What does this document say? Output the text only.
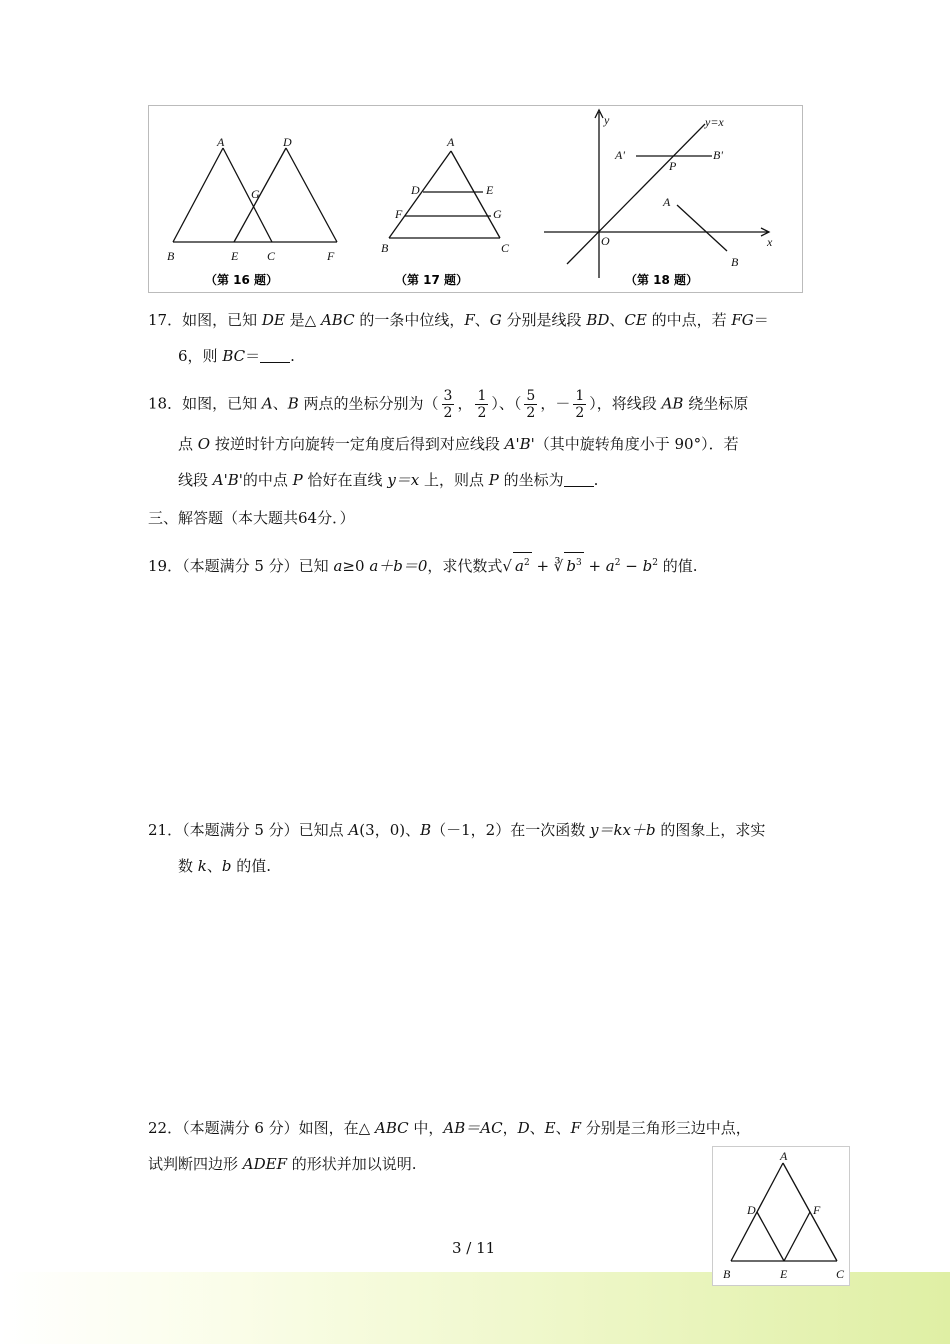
A	D
G
B	E C	F
（第 16 题）
A
D	E
F	G
B	C
（第 17 题）
y	y=x
A'	B'
P
A
O	x
B
（第 18 题）
17．如图，已知 DE 是△ ABC 的一条中位线，F、G 分别是线段 BD、CE 的中点，若 FG＝
6，则 BC＝ .
18．如图，已知 A、B 两点的坐标分别为（ $\frac{3}{2}$ ， $\frac{1}{2}$ ）、（ $\frac{5}{2}$ ，－ $\frac{1}{2}$ ），将线段 AB 绕坐标原
点 O 按逆时针方向旋转一定角度后得到对应线段 A'B'（其中旋转角度小于 90°）．若
线段 A'B'的中点 P 恰好在直线 y＝x 上，则点 P 的坐标为 .
三、解答题（本大题共64分．）
19．（本题满分 5 分）已知 a≥0 a＋b＝0，求代数式√ $a^2$ + ∛ $b^3 + a^2 - b^2$ 的值.
21．（本题满分 5 分）已知点 A(3，0)、B（－1，2）在一次函数 y＝kx＋b 的图象上，求实
数 k、b 的值.
22．（本题满分 6 分）如图，在△ ABC 中，AB＝AC，D、E、F 分别是三角形三边中点，
试判断四边形 ADEF 的形状并加以说明.	A
D	F
B	E	C
3 / 11
